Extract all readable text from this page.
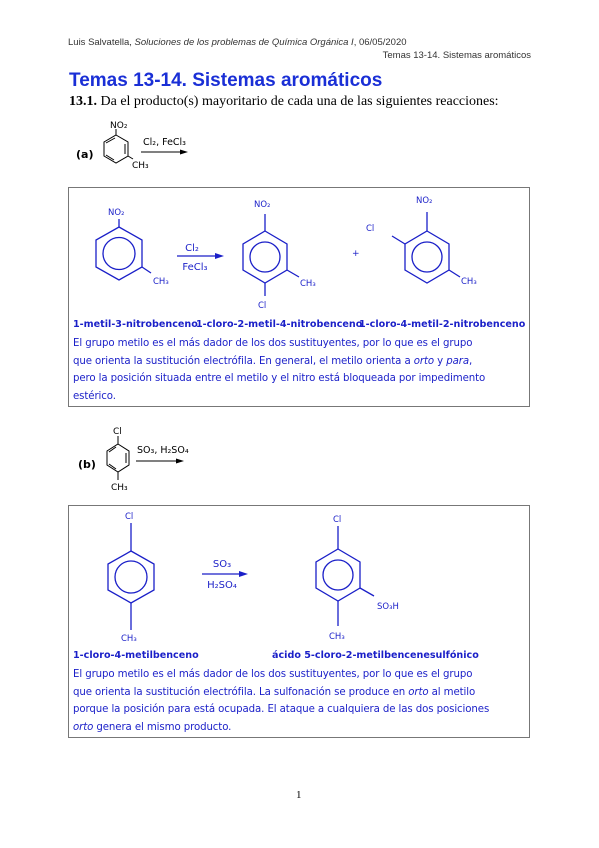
Luis Salvatella, Soluciones de los problemas de Química Orgánica I, 06/05/2020
Temas 13-14. Sistemas aromáticos
Temas 13-14. Sistemas aromáticos
13.1. Da el producto(s) mayoritario de cada una de las siguientes reacciones:
(a)
NO₂
CH₃
Cl₂, FeCl₃
NO₂
CH₃
Cl₂
FeCl₃
NO₂
CH₃
Cl
+
NO₂
Cl
CH₃
1-metil-3-nitrobenceno
1-cloro-2-metil-4-nitrobenceno
1-cloro-4-metil-2-nitrobenceno
El grupo metilo es el más dador de los dos sustituyentes, por lo que es el grupo
que orienta la sustitución electrófila. En general, el metilo orienta a orto y para,
pero la posición situada entre el metilo y el nitro está bloqueada por impedimento
estérico.
(b)
Cl
CH₃
SO₃, H₂SO₄
Cl
CH₃
SO₃
H₂SO₄
Cl
SO₃H
CH₃
1-cloro-4-metilbenceno	ácido 5-cloro-2-metilbencenesulfónico
El grupo metilo es el más dador de los dos sustituyentes, por lo que es el grupo
que orienta la sustitución electrófila. La sulfonación se produce en orto al metilo
porque la posición para está ocupada. El ataque a cualquiera de las dos posiciones
orto genera el mismo producto.
1
